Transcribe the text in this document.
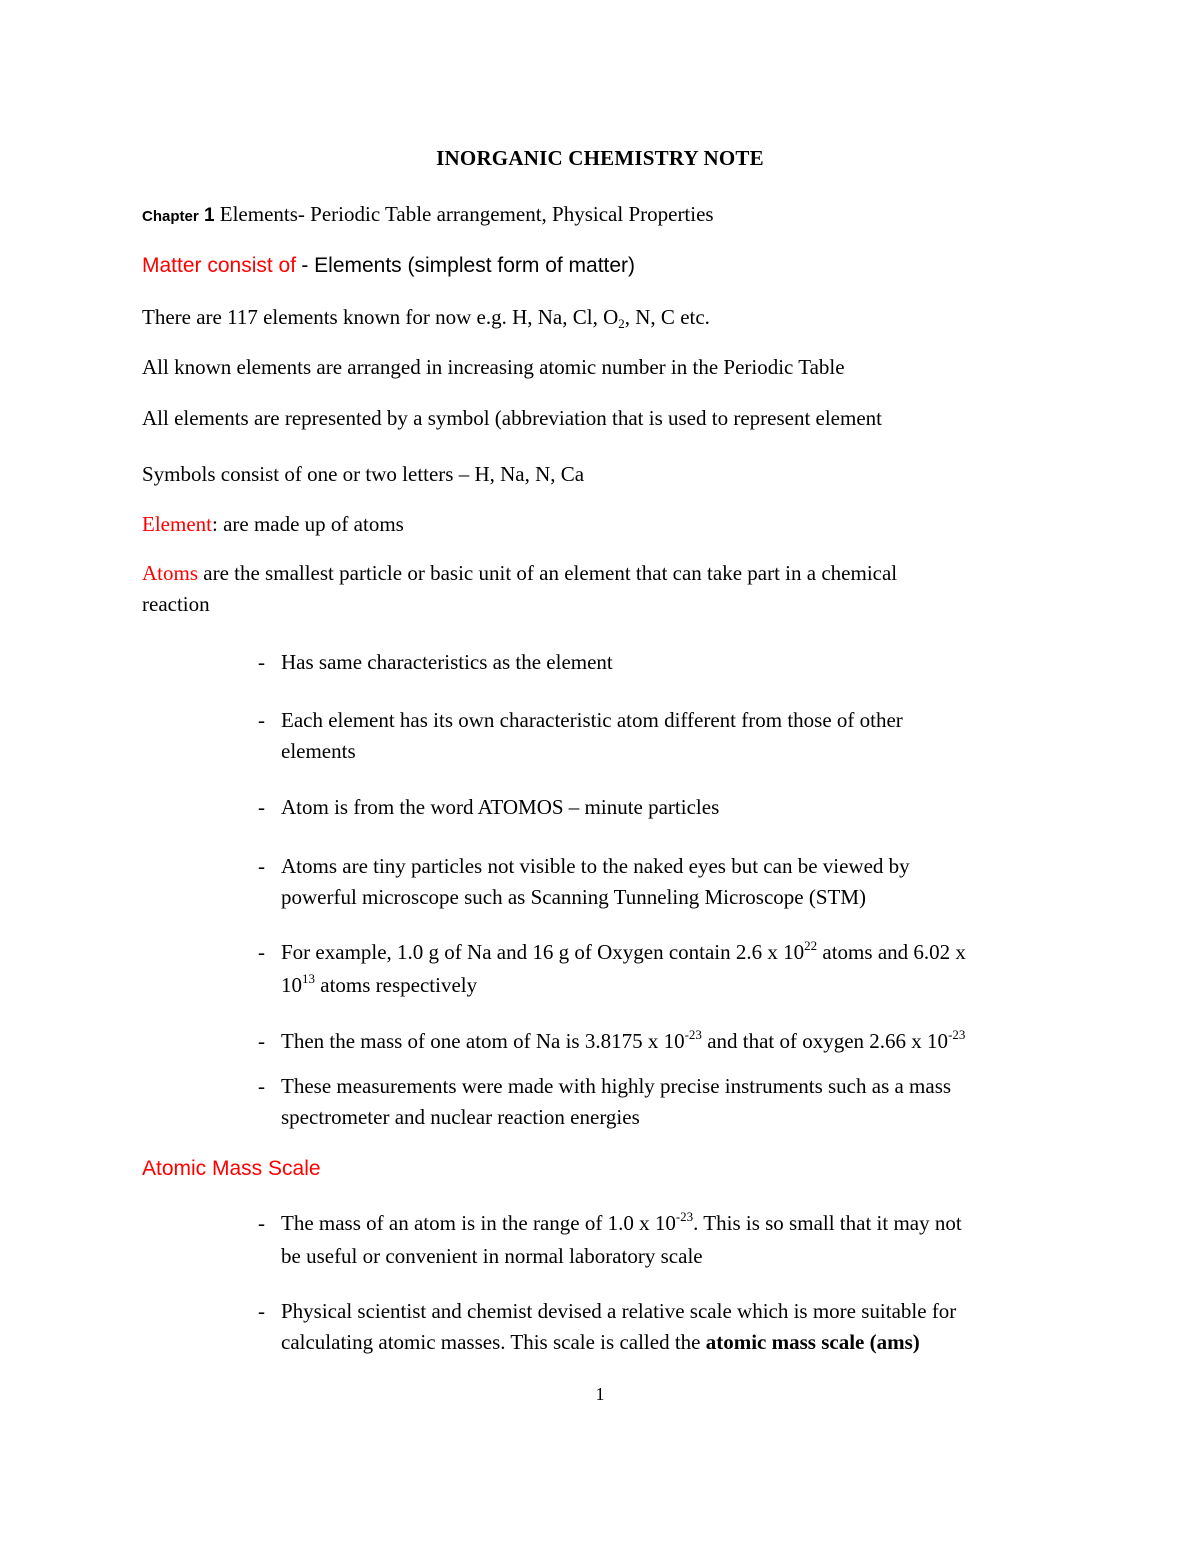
INORGANIC CHEMISTRY NOTE
Chapter 1 Elements- Periodic Table arrangement, Physical Properties
Matter consist of - Elements (simplest form of matter)
There are 117 elements known for now e.g. H, Na, Cl, $O_2$, N, C etc.
All known elements are arranged in increasing atomic number in the Periodic Table
All elements are represented by a symbol (abbreviation that is used to represent element
Symbols consist of one or two letters – H, Na, N, Ca
Element: are made up of atoms
Atoms are the smallest particle or basic unit of an element that can take part in a chemical
reaction
- Has same characteristics as the element
- Each element has its own characteristic atom different from those of other
elements
- Atom is from the word ATOMOS – minute particles
- Atoms are tiny particles not visible to the naked eyes but can be viewed by
powerful microscope such as Scanning Tunneling Microscope (STM)
- For example, 1.0 g of Na and 16 g of Oxygen contain 2.6 x $10^{22}$ atoms and 6.02 x
$10^{13}$ atoms respectively
- Then the mass of one atom of Na is 3.8175 x $10^{-23}$ and that of oxygen 2.66 x $10^{-23}$
- These measurements were made with highly precise instruments such as a mass
spectrometer and nuclear reaction energies
Atomic Mass Scale
- The mass of an atom is in the range of 1.0 x $10^{-23}$. This is so small that it may not
be useful or convenient in normal laboratory scale
- Physical scientist and chemist devised a relative scale which is more suitable for
calculating atomic masses. This scale is called the atomic mass scale (ams)
1
